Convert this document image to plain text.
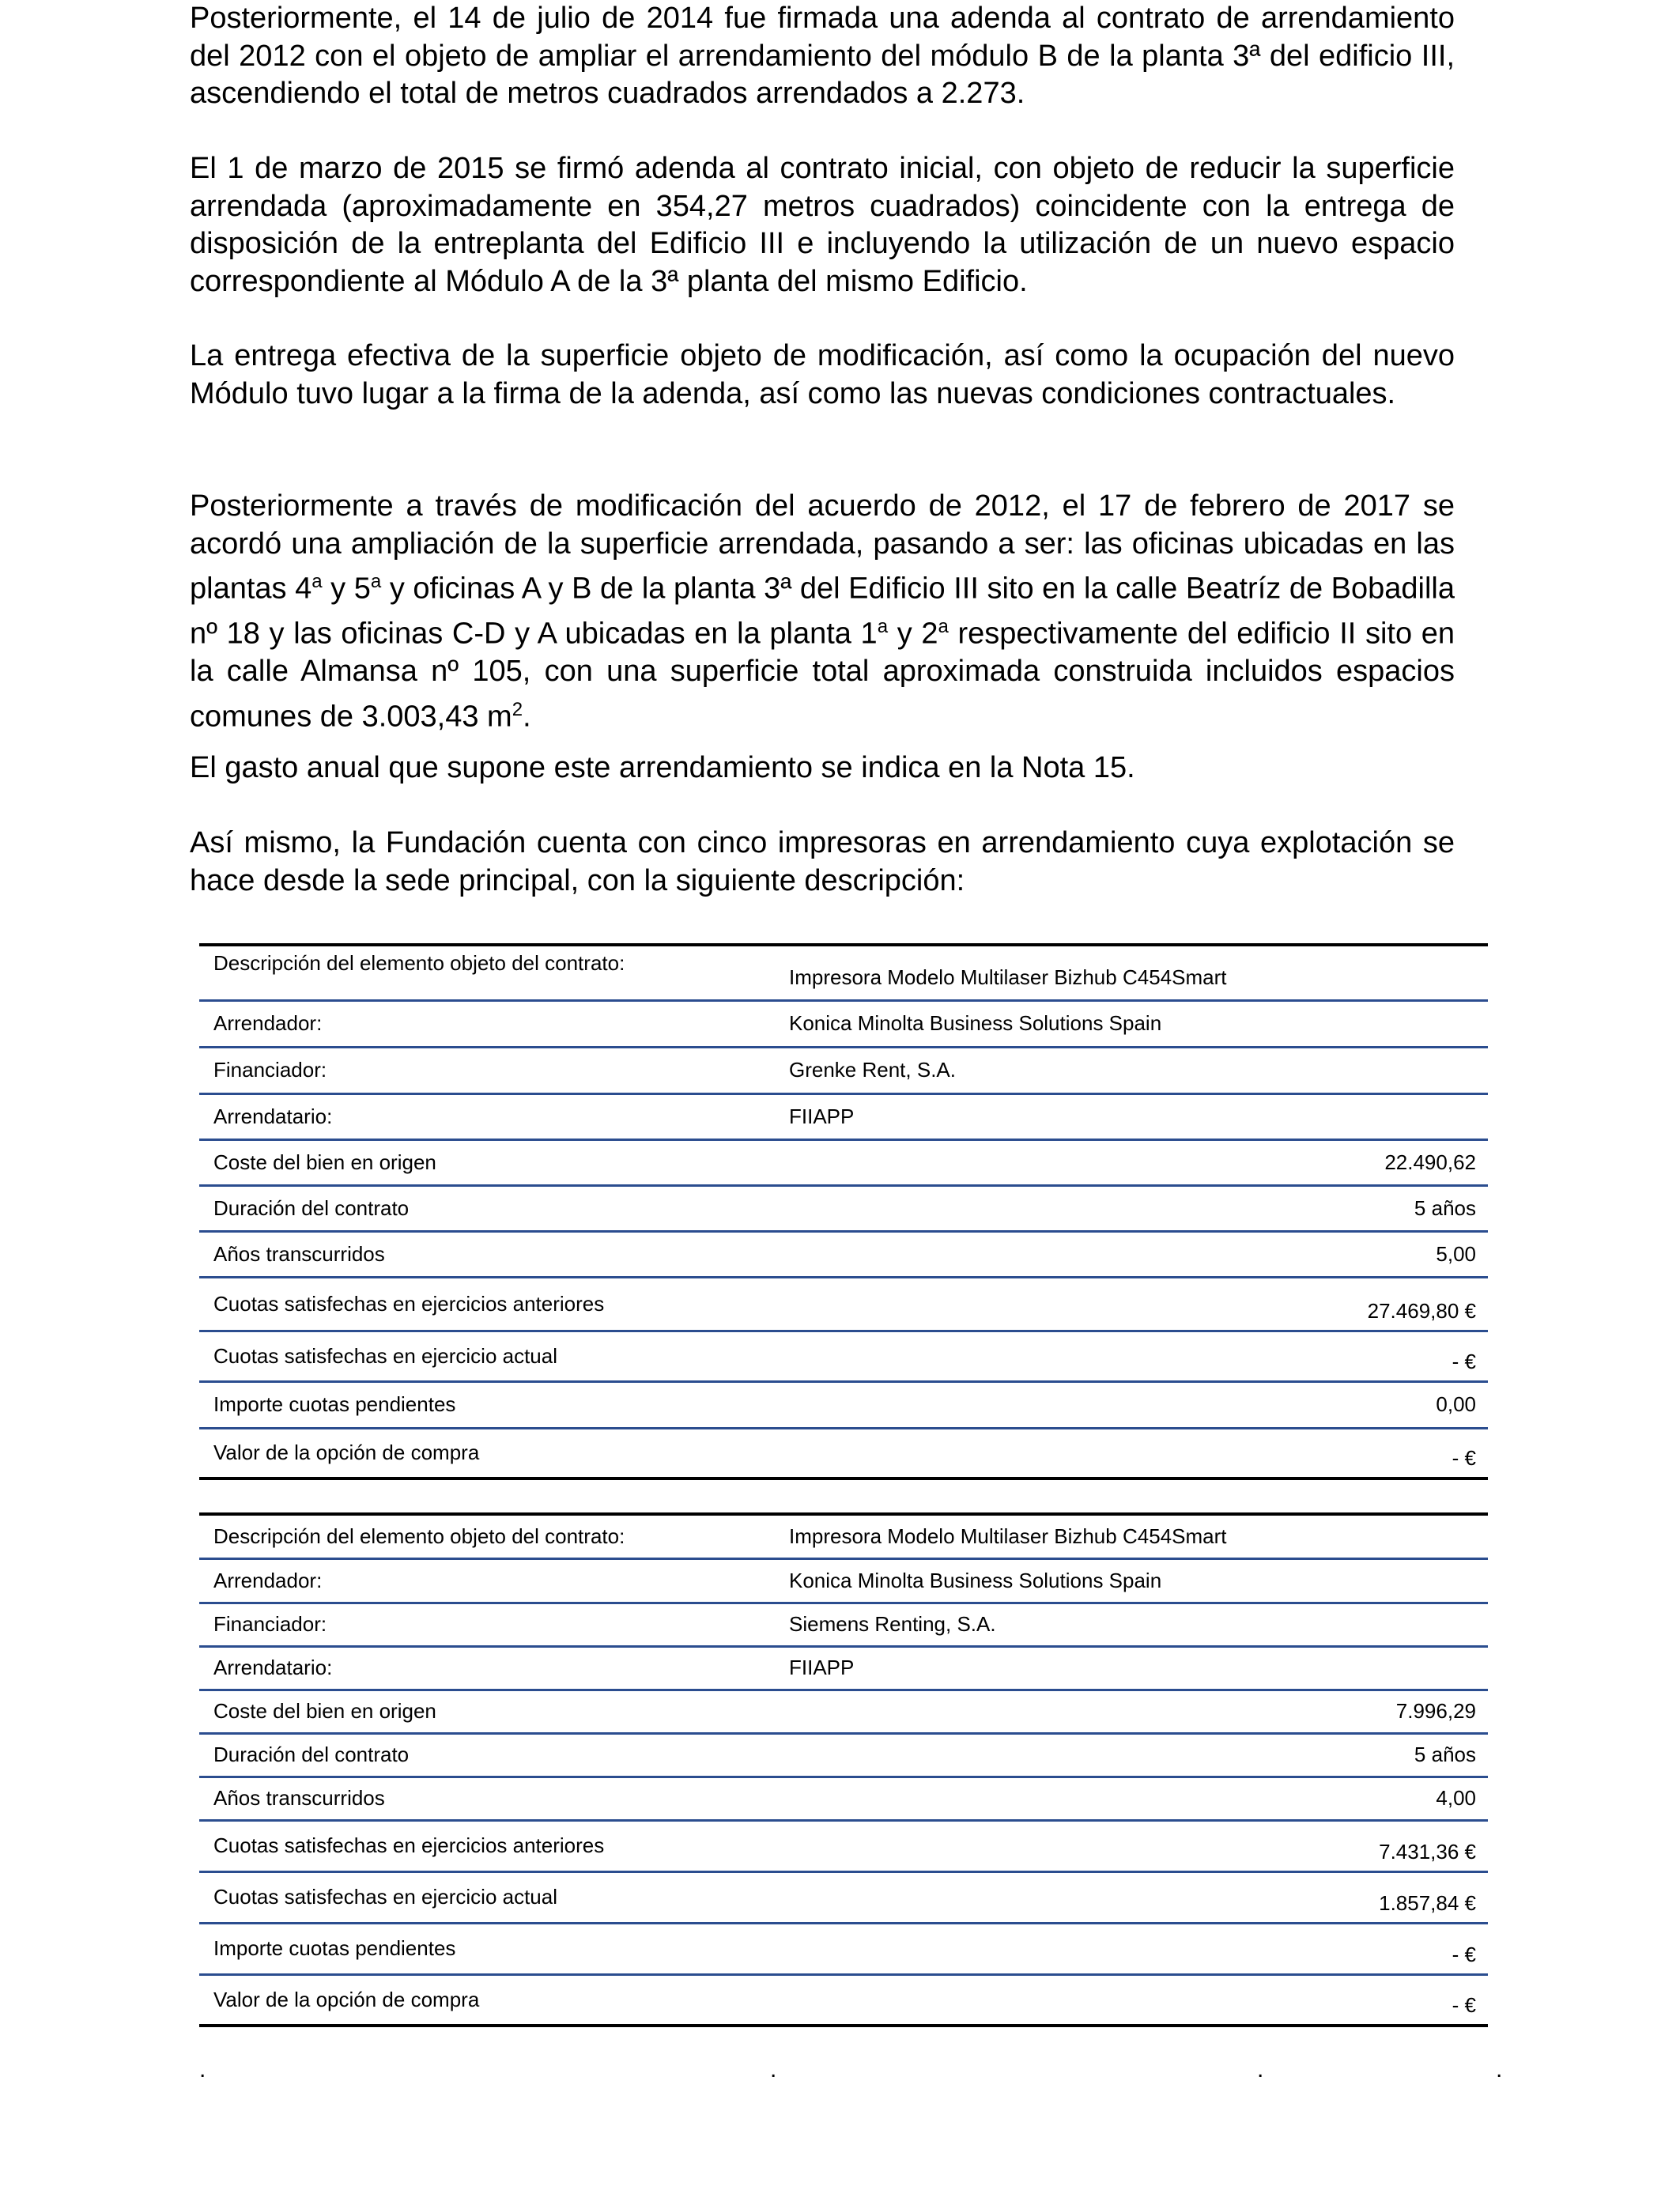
Posteriormente, el 14 de julio de 2014 fue firmada una adenda al contrato de arrendamiento del 2012 con el objeto de ampliar el arrendamiento del módulo B de la planta 3ª del edificio III, ascendiendo el total de metros cuadrados arrendados a 2.273.

El 1 de marzo de 2015 se firmó adenda al contrato inicial, con objeto de reducir la superficie arrendada (aproximadamente en 354,27 metros cuadrados) coincidente con la entrega de disposición de la entreplanta del Edificio III e incluyendo la utilización de un nuevo espacio correspondiente al Módulo A de la 3ª planta del mismo Edificio.

La entrega efectiva de la superficie objeto de modificación, así como la ocupación del nuevo Módulo tuvo lugar a la firma de la adenda, así como las nuevas condiciones contractuales.

Posteriormente a través de modificación del acuerdo de 2012, el 17 de febrero de 2017 se acordó una ampliación de la superficie arrendada, pasando a ser: las oficinas ubicadas en las plantas 4$^a$ y 5$^a$ y oficinas A y B de la planta 3ª del Edificio III sito en la calle Beatríz de Bobadilla nº 18 y las oficinas C-D y A ubicadas en la planta 1$^a$ y 2$^a$ respectivamente del edificio II sito en la calle Almansa nº 105, con una superficie total aproximada construida incluidos espacios comunes de 3.003,43 $m^2$.

El gasto anual que supone este arrendamiento se indica en la Nota 15.

Así mismo, la Fundación cuenta con cinco impresoras en arrendamiento cuya explotación se hace desde la sede principal, con la siguiente descripción:

Descripción del elemento objeto del contrato:	Impresora Modelo Multilaser Bizhub C454Smart
Arrendador:	Konica Minolta Business Solutions Spain
Financiador:	Grenke Rent, S.A.
Arrendatario:	FIIAPP
Coste del bien en origen	22.490,62
Duración del contrato	5 años
Años transcurridos	5,00
Cuotas satisfechas en ejercicios anteriores	27.469,80 €
Cuotas satisfechas en ejercicio actual	- €
Importe cuotas pendientes	0,00
Valor de la opción de compra	- €
Descripción del elemento objeto del contrato:	Impresora Modelo Multilaser Bizhub C454Smart
Arrendador:	Konica Minolta Business Solutions Spain
Financiador:	Siemens Renting, S.A.
Arrendatario:	FIIAPP
Coste del bien en origen	7.996,29
Duración del contrato	5 años
Años transcurridos	4,00
Cuotas satisfechas en ejercicios anteriores	7.431,36 €
Cuotas satisfechas en ejercicio actual	1.857,84 €
Importe cuotas pendientes	- €
Valor de la opción de compra	- €
.	.	.	.
